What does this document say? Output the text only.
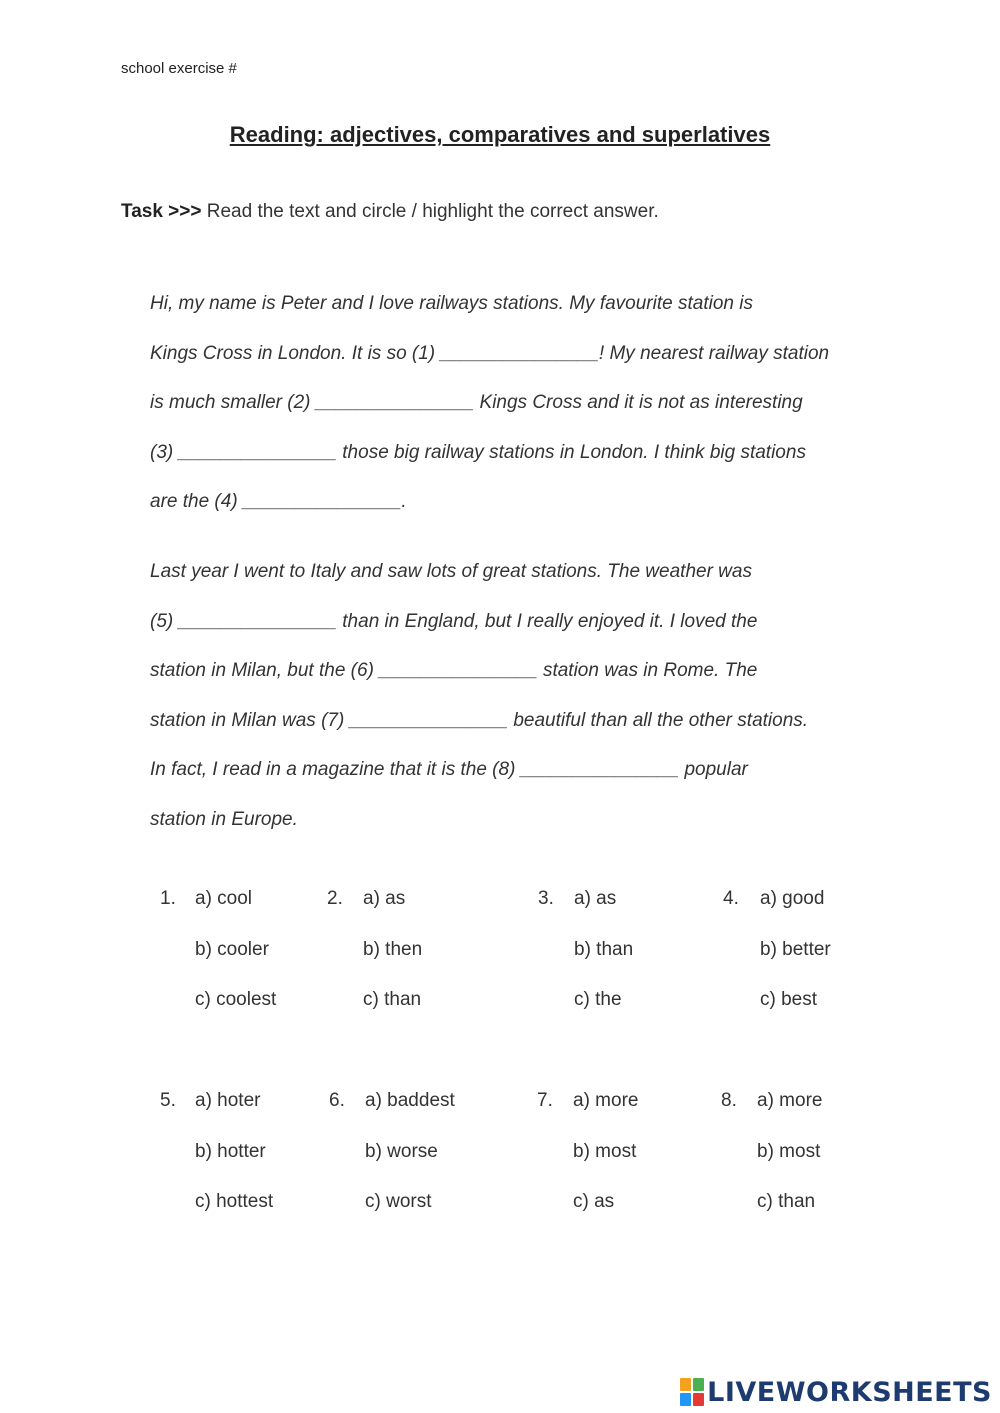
school exercise #
Reading: adjectives, comparatives and superlatives
Task >>> Read the text and circle / highlight the correct answer.
Hi, my name is Peter and I love railways stations. My favourite station is
Kings Cross in London. It is so (1) _______________! My nearest railway station
is much smaller (2) _______________ Kings Cross and it is not as interesting
(3) _______________ those big railway stations in London. I think big stations
are the (4) _______________.
Last year I went to Italy and saw lots of great stations. The weather was
(5) _______________ than in England, but I really enjoyed it. I loved the
station in Milan, but the (6) _______________ station was in Rome. The
station in Milan was (7) _______________ beautiful than all the other stations.
In fact, I read in a magazine that it is the (8) _______________ popular
station in Europe.
1. a) cool
b) cooler
c) coolest
2. a) as
b) then
c) than
3. a) as
b) than
c) the
4. a) good
b) better
c) best
5. a) hoter
b) hotter
c) hottest
6. a) baddest
b) worse
c) worst
7. a) more
b) most
c) as
8. a) more
b) most
c) than
LIVEWORKSHEETS
